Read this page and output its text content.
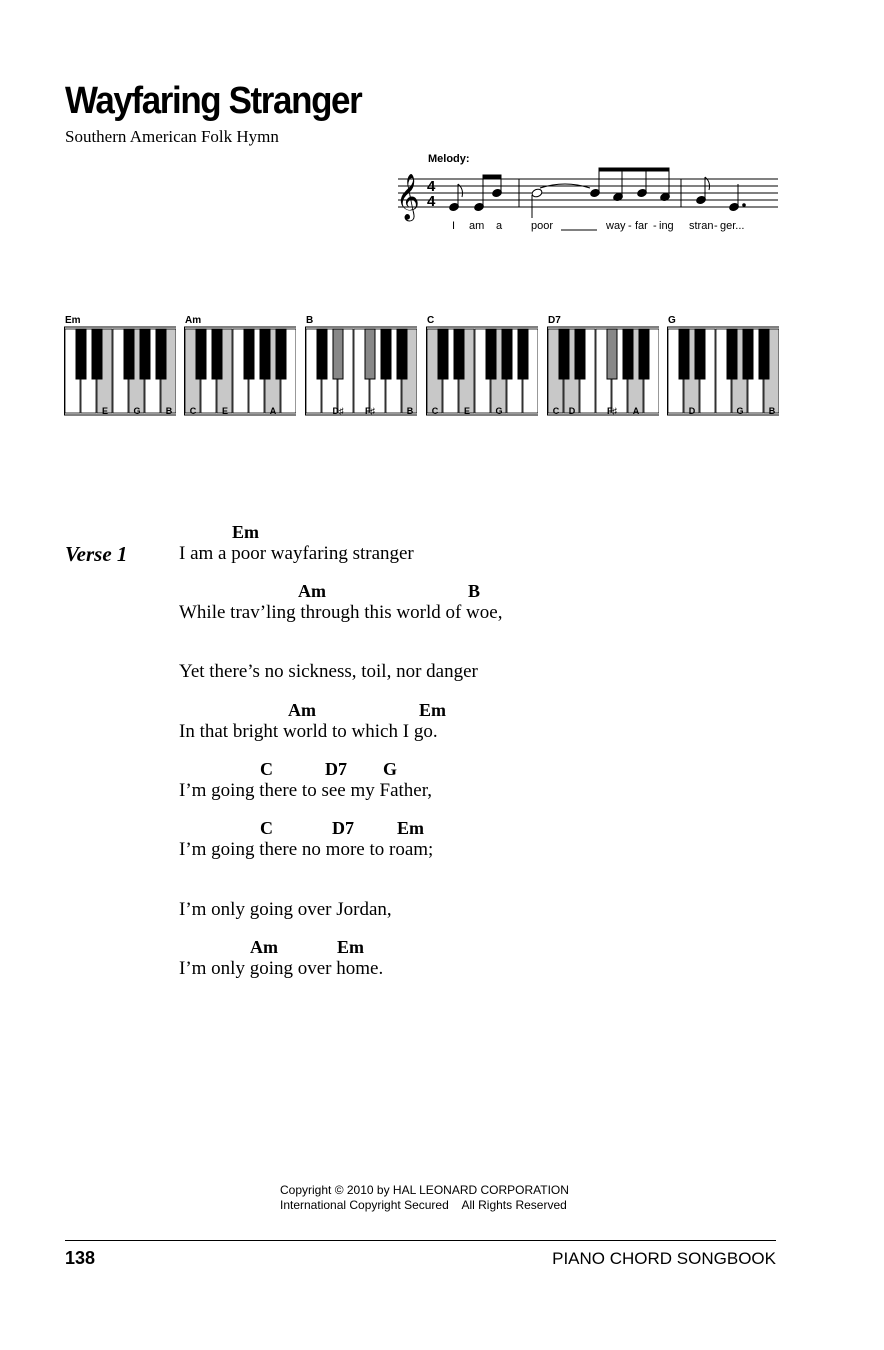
Wayfaring Stranger
Southern American Folk Hymn
Melody:
𝄞 4
4
I am a	poor	way - far - ing stran - ger...
Em
E	G	B
Am
C	E	A
B
D♯ F♯	B
C
C	E	G
D7
C D	F♯ A
G
D	G	B
Verse 1
Em
I am a poor wayfaring stranger
Am	B
While trav’ling through this world of woe,
Yet there’s no sickness, toil, nor danger
Am	Em
In that bright world to which I go.
C	D7 G
I’m going there to see my Father,
C	D7 Em
I’m going there no more to roam;
I’m only going over Jordan,
Am	Em
I’m only going over home.
Copyright © 2010 by HAL LEONARD CORPORATION
International Copyright Secured    All Rights Reserved
138	PIANO CHORD SONGBOOK
